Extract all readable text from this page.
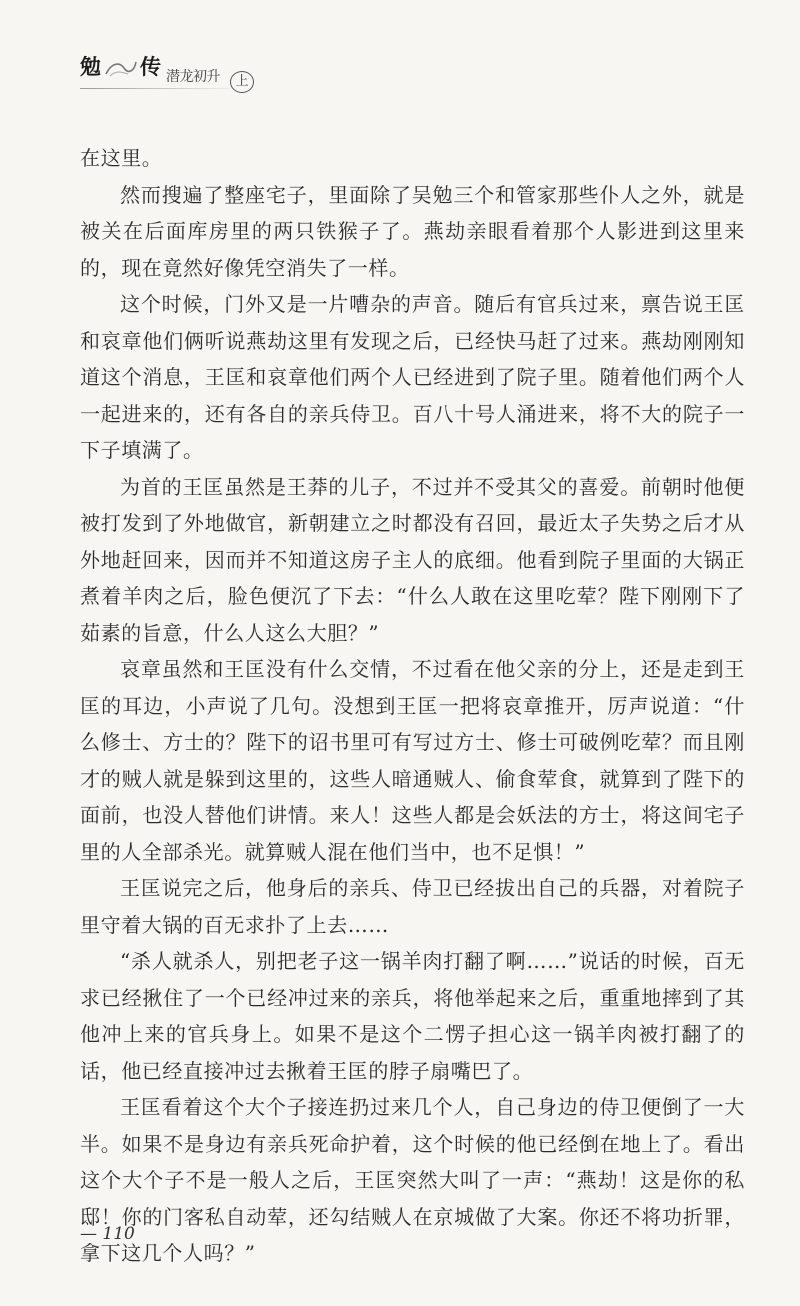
勉 传 潜龙初升	上

在这里。

然而搜遍了整座宅子，里面除了吴勉三个和管家那些仆人之外，就是被关在后面库房里的两只铁猴子了。燕劫亲眼看着那个人影进到这里来的，现在竟然好像凭空消失了一样。

这个时候，门外又是一片嘈杂的声音。随后有官兵过来，禀告说王匡和哀章他们俩听说燕劫这里有发现之后，已经快马赶了过来。燕劫刚刚知道这个消息，王匡和哀章他们两个人已经进到了院子里。随着他们两个人一起进来的，还有各自的亲兵侍卫。百八十号人涌进来，将不大的院子一下子填满了。

为首的王匡虽然是王莽的儿子，不过并不受其父的喜爱。前朝时他便被打发到了外地做官，新朝建立之时都没有召回，最近太子失势之后才从外地赶回来，因而并不知道这房子主人的底细。他看到院子里面的大锅正煮着羊肉之后，脸色便沉了下去：“什么人敢在这里吃荤？陛下刚刚下了茹素的旨意，什么人这么大胆？”

哀章虽然和王匡没有什么交情，不过看在他父亲的分上，还是走到王匡的耳边，小声说了几句。没想到王匡一把将哀章推开，厉声说道：“什么修士、方士的？陛下的诏书里可有写过方士、修士可破例吃荤？而且刚才的贼人就是躲到这里的，这些人暗通贼人、偷食荤食，就算到了陛下的面前，也没人替他们讲情。来人！这些人都是会妖法的方士，将这间宅子里的人全部杀光。就算贼人混在他们当中，也不足惧！”

王匡说完之后，他身后的亲兵、侍卫已经拔出自己的兵器，对着院子里守着大锅的百无求扑了上去……

“杀人就杀人，别把老子这一锅羊肉打翻了啊……”说话的时候，百无求已经揪住了一个已经冲过来的亲兵，将他举起来之后，重重地摔到了其他冲上来的官兵身上。如果不是这个二愣子担心这一锅羊肉被打翻了的话，他已经直接冲过去揪着王匡的脖子扇嘴巴了。

王匡看着这个大个子接连扔过来几个人，自己身边的侍卫便倒了一大半。如果不是身边有亲兵死命护着，这个时候的他已经倒在地上了。看出这个大个子不是一般人之后，王匡突然大叫了一声：“燕劫！这是你的私邸！你的门客私自动荤，还勾结贼人在京城做了大案。你还不将功折罪，拿下这几个人吗？”

— 110
